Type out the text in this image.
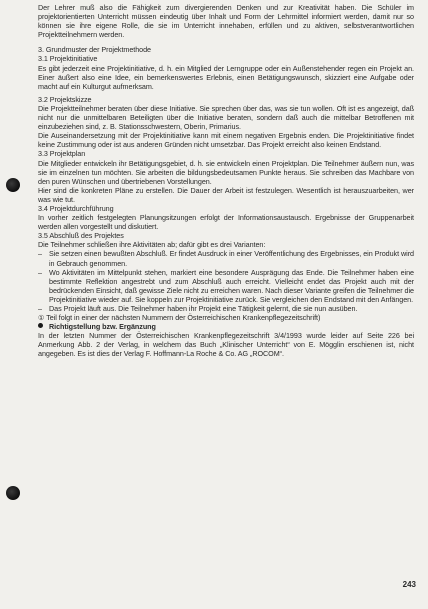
Der Lehrer muß also die Fähigkeit zum divergierenden Denken und zur Kreativität haben. Die Schüler im projektorientierten Unterricht müssen eindeutig über Inhalt und Form der Lehrmittel informiert werden, damit nur so können sie ihre eigene Rolle, die sie im Unterricht innehaben, erfüllen und zu aktiven, selbstverantwortlichen Projektteilnehmern werden.

3. Grundmuster der Projektmethode

3.1 Projektinitiative

Es gibt jederzeit eine Projektinitiative, d. h. ein Mitglied der Lerngruppe oder ein Außenstehender regen ein Projekt an. Einer äußert also eine Idee, ein bemerkenswertes Erlebnis, einen Betätigungswunsch, skizziert eine Aufgabe oder macht auf ein Kulturgut aufmerksam.

3.2 Projektskizze

Die Projektteilnehmer beraten über diese Initiative. Sie sprechen über das, was sie tun wollen. Oft ist es angezeigt, daß nicht nur die unmittelbaren Beteiligten über die Initiative beraten, sondern daß auch die mittelbar Betroffenen mit einzubeziehen sind, z. B. Stationsschwestern, Oberin, Primarius.

Die Auseinandersetzung mit der Projektinitiative kann mit einem negativen Ergebnis enden. Die Projektinitiative findet keine Zustimmung oder ist aus anderen Gründen nicht umsetzbar. Das Projekt erreicht also keinen Endstand.

3.3 Projektplan

Die Mitglieder entwickeln ihr Betätigungsgebiet, d. h. sie entwickeln einen Projektplan. Die Teilnehmer äußern nun, was sie im einzelnen tun möchten. Sie arbeiten die bildungsbedeutsamen Punkte heraus. Sie schreiben das Machbare von den puren Wünschen und übertriebenen Vorstellungen.

Hier sind die konkreten Pläne zu erstellen. Die Dauer der Arbeit ist festzulegen. Wesentlich ist herauszuarbeiten, wer was wie tut.

3.4 Projektdurchführung

In vorher zeitlich festgelegten Planungsitzungen erfolgt der Informationsaustausch. Ergebnisse der Gruppenarbeit werden allen vorgestellt und diskutiert.

3.5 Abschluß des Projektes

Die Teilnehmer schließen ihre Aktivitäten ab; dafür gibt es drei Varianten:

– Sie setzen einen bewußten Abschluß. Er findet Ausdruck in einer Veröffentlichung des Ergebnisses, ein Produkt wird in Gebrauch genommen.
– Wo Aktivitäten im Mittelpunkt stehen, markiert eine besondere Ausprägung das Ende. Die Teilnehmer haben eine bestimmte Reflektion angestrebt und zum Abschluß auch erreicht. Vielleicht endet das Projekt auch mit der bedrückenden Einsicht, daß gewisse Ziele nicht zu erreichen waren. Nach dieser Variante greifen die Teilnehmer die Projektinitiative wieder auf. Sie koppeln zur Projektinitiative zurück. Sie vergleichen den Endstand mit den Anfängen.
– Das Projekt läuft aus. Die Teilnehmer haben ihr Projekt eine Tätigkeit gelernt, die sie nun ausüben.

① Teil folgt in einer der nächsten Nummern der Österreichischen Krankenpflegezeitschrift)

Richtigstellung bzw. Ergänzung

In der letzten Nummer der Österreichischen Krankenpflegezeitschrift 3/4/1993 wurde leider auf Seite 226 bei Anmerkung Abb. 2 der Verlag, in welchem das Buch „Klinischer Unterricht“ von E. Mögglin erschienen ist, nicht angegeben. Es ist dies der Verlag F. Hoffmann-La Roche & Co. AG „ROCOM“.

243
